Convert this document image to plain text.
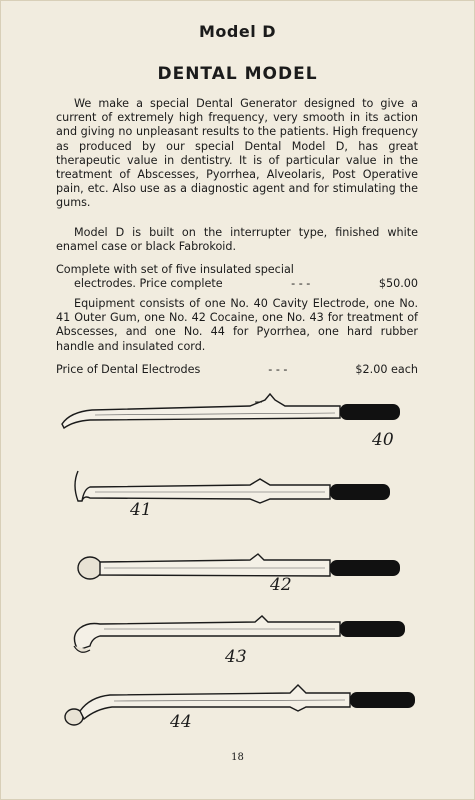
Model D
DENTAL MODEL

We make a special Dental Generator designed to give a current of extremely high frequency, very smooth in its action and giving no unpleasant results to the patients. High frequency as produced by our special Dental Model D, has great therapeutic value in dentistry. It is of particular value in the treatment of Abscesses, Pyorrhea, Alveolaris, Post Operative pain, etc. Also use as a diagnostic agent and for stimulating the gums.

Model D is built on the interrupter type, finished white enamel case or black Fabrokoid.

Complete with set of five insulated special
electrodes. Price complete	- - -	$50.00

Equipment consists of one No. 40 Cavity Electrode, one No. 41 Outer Gum, one No. 42 Cocaine, one No. 43 for treatment of Abscesses, and one No. 44 for Pyorrhea, one hard rubber handle and insulated cord.

Price of Dental Electrodes	- - -	$2.00 each
40
41
42
43
44
18
